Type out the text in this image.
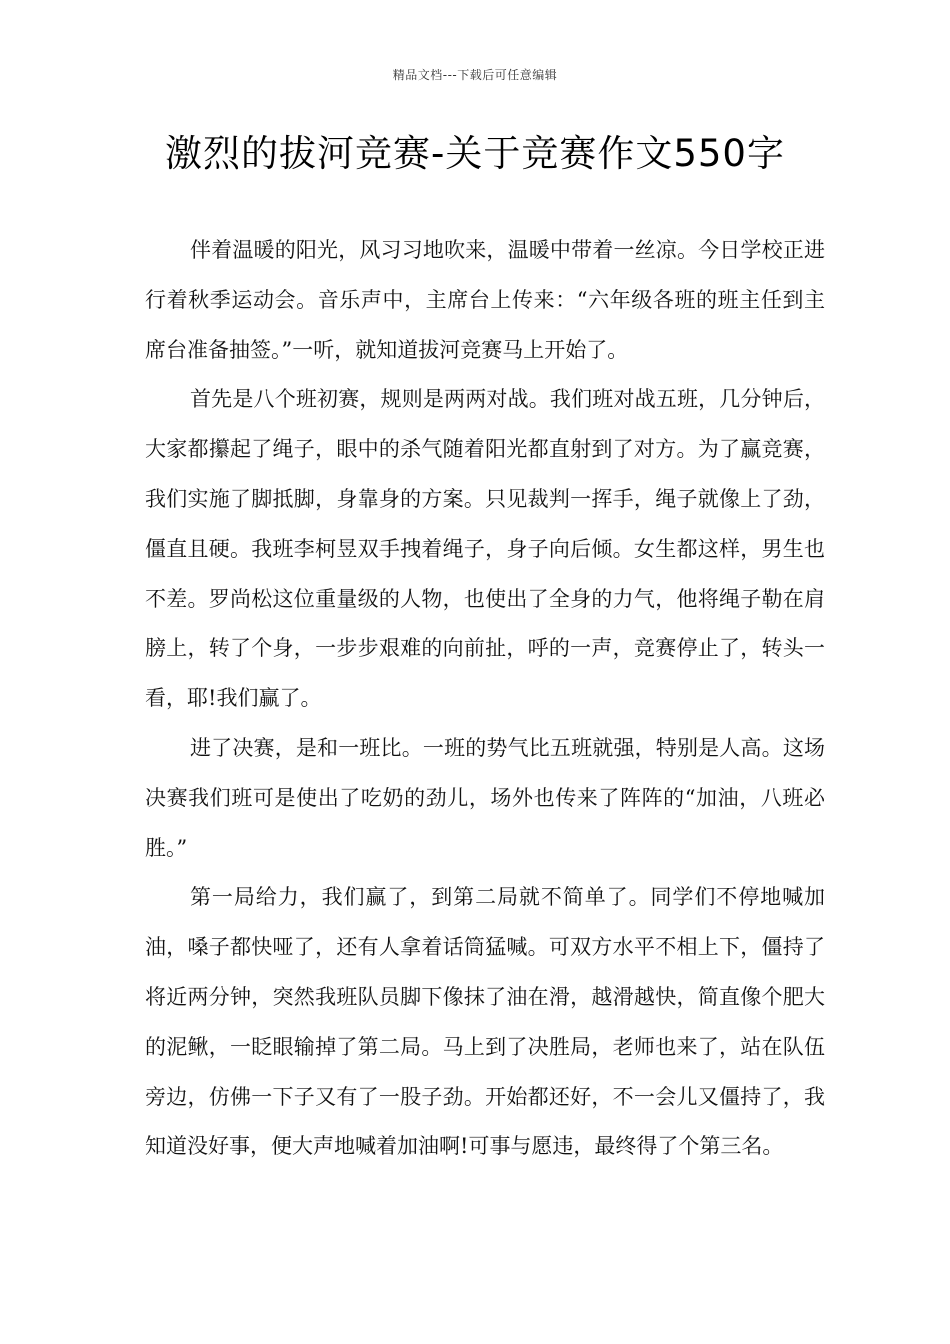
精品文档---下载后可任意编辑
激烈的拔河竞赛-关于竞赛作文550字

伴着温暖的阳光，风习习地吹来，温暖中带着一丝凉。今日学校正进行着秋季运动会。音乐声中，主席台上传来：“六年级各班的班主任到主席台准备抽签。”一听，就知道拔河竞赛马上开始了。

首先是八个班初赛，规则是两两对战。我们班对战五班，几分钟后，大家都攥起了绳子，眼中的杀气随着阳光都直射到了对方。为了赢竞赛，我们实施了脚抵脚，身靠身的方案。只见裁判一挥手，绳子就像上了劲，僵直且硬。我班李柯昱双手拽着绳子，身子向后倾。女生都这样，男生也不差。罗尚松这位重量级的人物，也使出了全身的力气，他将绳子勒在肩膀上，转了个身，一步步艰难的向前扯，呼的一声，竞赛停止了，转头一看，耶!我们赢了。

进了决赛，是和一班比。一班的势气比五班就强，特别是人高。这场决赛我们班可是使出了吃奶的劲儿，场外也传来了阵阵的“加油，八班必胜。”

第一局给力，我们赢了，到第二局就不简单了。同学们不停地喊加油，嗓子都快哑了，还有人拿着话筒猛喊。可双方水平不相上下，僵持了将近两分钟，突然我班队员脚下像抹了油在滑，越滑越快，简直像个肥大的泥鳅，一眨眼输掉了第二局。马上到了决胜局，老师也来了，站在队伍旁边，仿佛一下子又有了一股子劲。开始都还好，不一会儿又僵持了，我知道没好事，便大声地喊着加油啊!可事与愿违，最终得了个第三名。
